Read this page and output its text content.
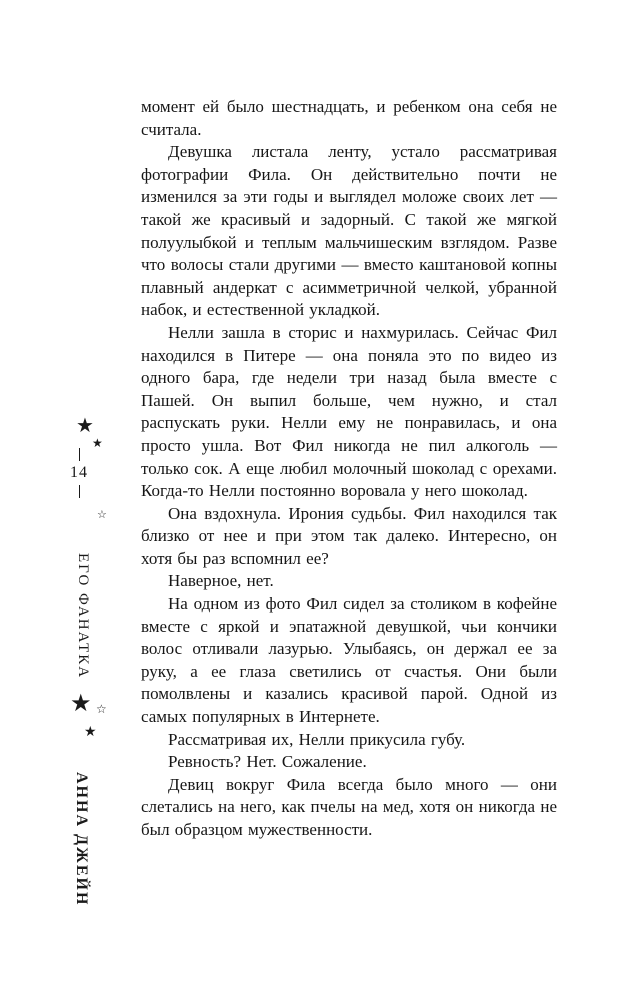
★
★
☆
14
ЕГО ФАНАТКА
★ ☆
★
АННА ДЖЕЙН

момент ей было шестнадцать, и ребенком она себя не считала.

Девушка листала ленту, устало рассматривая фотографии Фила. Он действительно почти не изменился за эти годы и выглядел моложе своих лет — такой же красивый и задорный. С такой же мягкой полуулыбкой и теплым мальчишеским взглядом. Разве что волосы стали другими — вместо каштановой копны плавный андеркат с асимметричной челкой, убранной набок, и естественной укладкой.

Нелли зашла в сторис и нахмурилась. Сейчас Фил находился в Питере — она поняла это по видео из одного бара, где недели три назад была вместе с Пашей. Он выпил больше, чем нужно, и стал распускать руки. Нелли ему не понравилась, и она просто ушла. Вот Фил никогда не пил алкоголь — только сок. А еще любил молочный шоколад с орехами. Когда-то Нелли постоянно воровала у него шоколад.

Она вздохнула. Ирония судьбы. Фил находился так близко от нее и при этом так далеко. Интересно, он хотя бы раз вспомнил ее?

Наверное, нет.

На одном из фото Фил сидел за столиком в кофейне вместе с яркой и эпатажной девушкой, чьи кончики волос отливали лазурью. Улыбаясь, он держал ее за руку, а ее глаза светились от счастья. Они были помолвлены и казались красивой парой. Одной из самых популярных в Интернете.

Рассматривая их, Нелли прикусила губу.

Ревность? Нет. Сожаление.

Девиц вокруг Фила всегда было много — они слетались на него, как пчелы на мед, хотя он никогда не был образцом мужественности.
